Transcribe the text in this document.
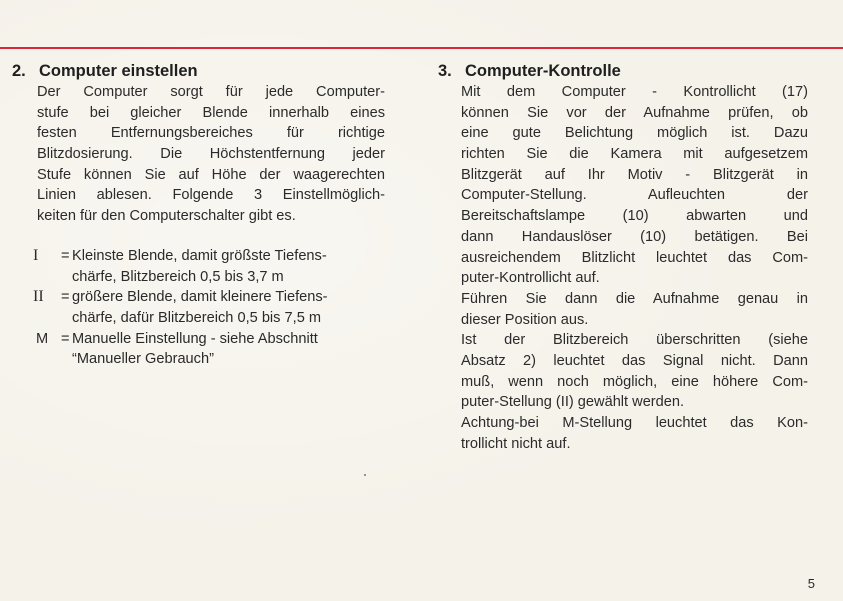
2. Computer einstellen

Der Computer sorgt für jede Computer-
stufe bei gleicher Blende innerhalb eines
festen Entfernungsbereiches für richtige
Blitzdosierung. Die Höchstentfernung jeder
Stufe können Sie auf Höhe der waagerechten
Linien ablesen. Folgende 3 Einstellmöglich-
keiten für den Computerschalter gibt es.

I	= Kleinste Blende, damit größste Tiefens-
chärfe, Blitzbereich 0,5 bis 3,7 m
II	= größere Blende, damit kleinere Tiefens-
chärfe, dafür Blitzbereich 0,5 bis 7,5 m
M = Manuelle Einstellung - siehe Abschnitt
“Manueller Gebrauch”
3. Computer-Kontrolle

Mit dem Computer - Kontrollicht (17)
können Sie vor der Aufnahme prüfen, ob
eine gute Belichtung möglich ist. Dazu
richten Sie die Kamera mit aufgesetzem
Blitzgerät auf Ihr Motiv - Blitzgerät in
Computer-Stellung. Aufleuchten der
Bereitschaftslampe (10) abwarten und
dann Handauslöser (10) betätigen. Bei
ausreichendem Blitzlicht leuchtet das Com-
puter-Kontrollicht auf.
Führen Sie dann die Aufnahme genau in
dieser Position aus.
Ist der Blitzbereich überschritten (siehe
Absatz 2) leuchtet das Signal nicht. Dann
muß, wenn noch möglich, eine höhere Com-
puter-Stellung (II) gewählt werden.
Achtung-bei M-Stellung leuchtet das Kon-
trollicht nicht auf.

5
